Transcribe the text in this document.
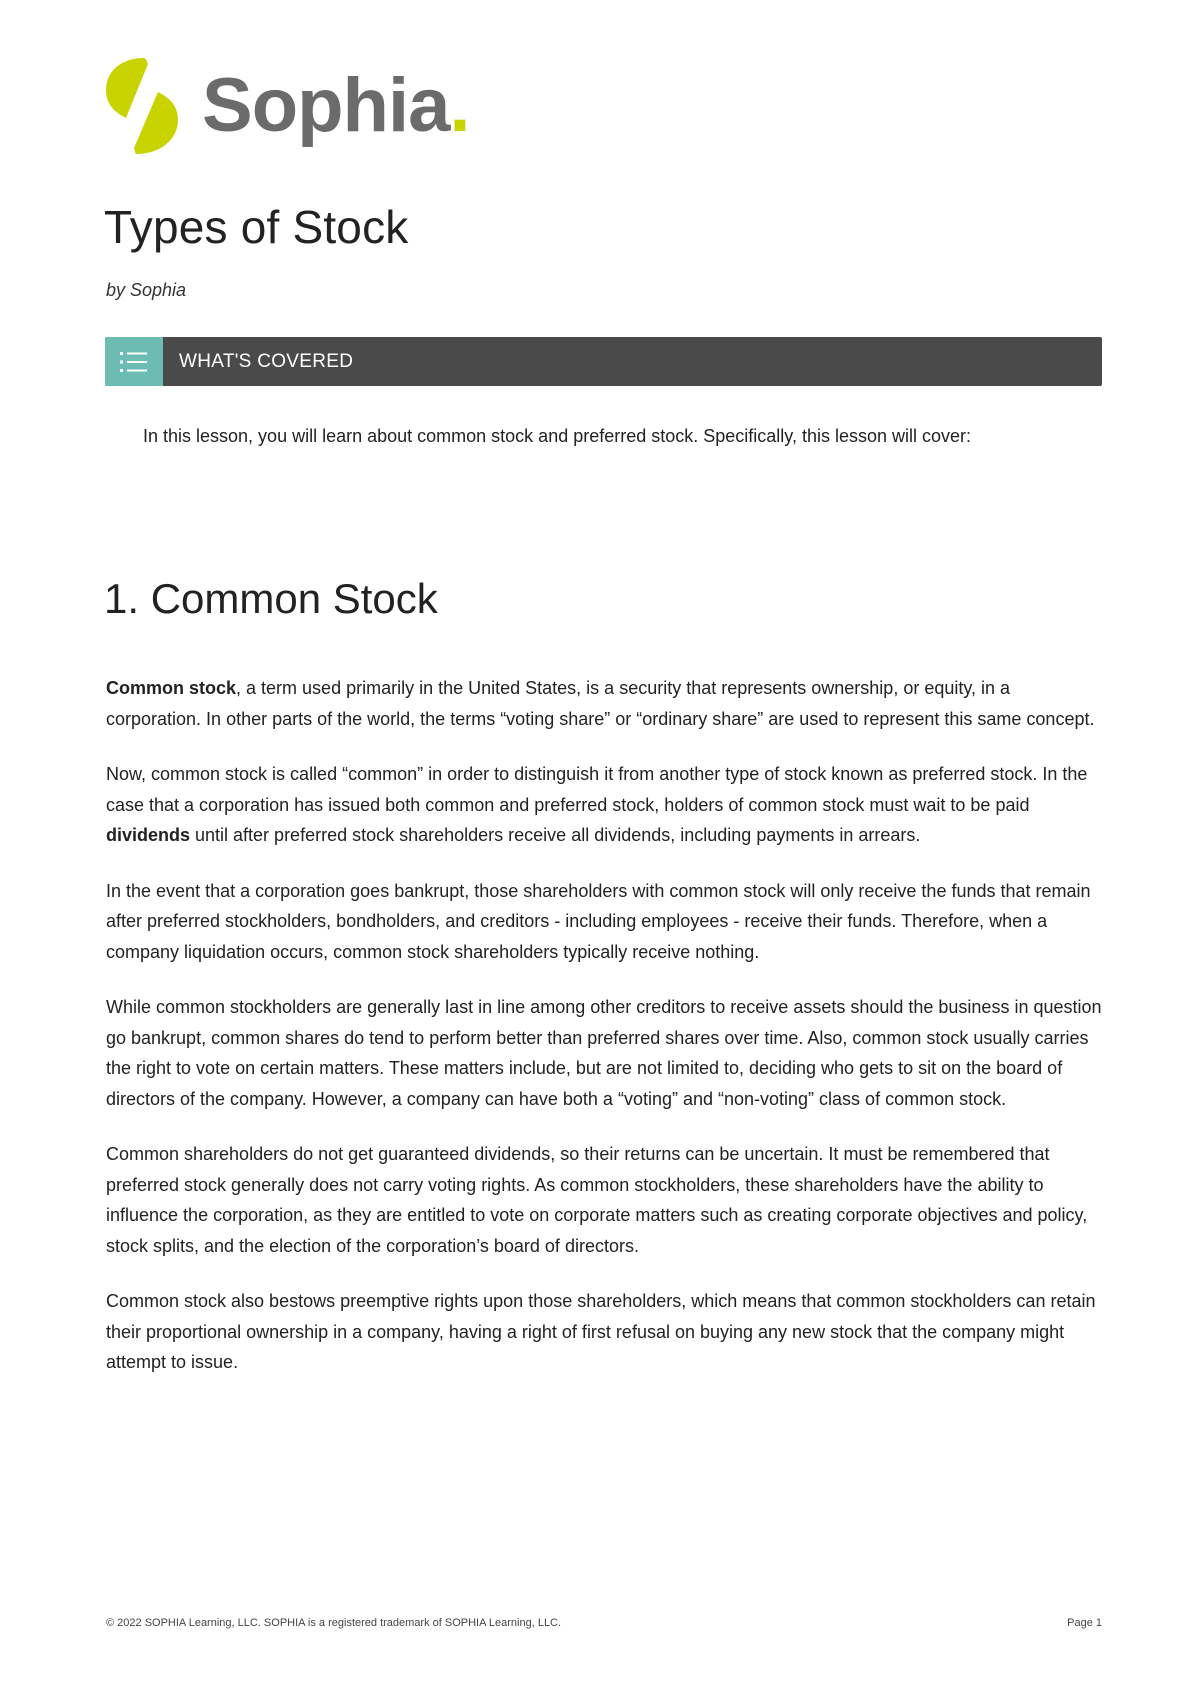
Sophia.
Types of Stock
by Sophia
WHAT'S COVERED
In this lesson, you will learn about common stock and preferred stock. Specifically, this lesson will cover:
1. Common Stock

Common stock, a term used primarily in the United States, is a security that represents ownership, or equity, in a corporation. In other parts of the world, the terms “voting share” or “ordinary share” are used to represent this same concept.

Now, common stock is called “common” in order to distinguish it from another type of stock known as preferred stock. In the case that a corporation has issued both common and preferred stock, holders of common stock must wait to be paid dividends until after preferred stock shareholders receive all dividends, including payments in arrears.

In the event that a corporation goes bankrupt, those shareholders with common stock will only receive the funds that remain after preferred stockholders, bondholders, and creditors - including employees - receive their funds. Therefore, when a company liquidation occurs, common stock shareholders typically receive nothing.

While common stockholders are generally last in line among other creditors to receive assets should the business in question go bankrupt, common shares do tend to perform better than preferred shares over time. Also, common stock usually carries the right to vote on certain matters. These matters include, but are not limited to, deciding who gets to sit on the board of directors of the company. However, a company can have both a “voting” and “non-voting” class of common stock.

Common shareholders do not get guaranteed dividends, so their returns can be uncertain. It must be remembered that preferred stock generally does not carry voting rights. As common stockholders, these shareholders have the ability to influence the corporation, as they are entitled to vote on corporate matters such as creating corporate objectives and policy, stock splits, and the election of the corporation’s board of directors.

Common stock also bestows preemptive rights upon those shareholders, which means that common stockholders can retain their proportional ownership in a company, having a right of first refusal on buying any new stock that the company might attempt to issue.

© 2022 SOPHIA Learning, LLC. SOPHIA is a registered trademark of SOPHIA Learning, LLC.	Page 1
